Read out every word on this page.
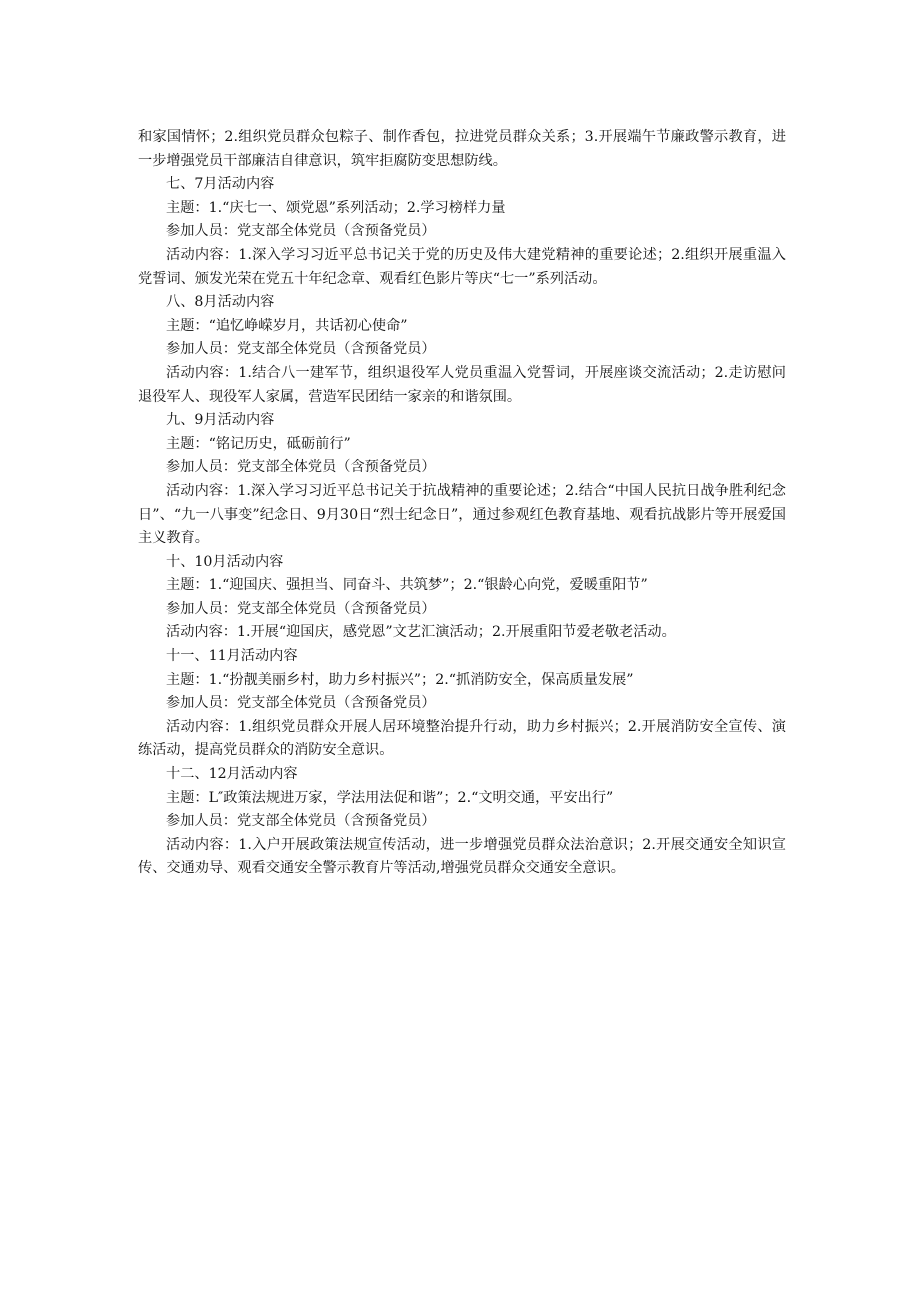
和家国情怀；2.组织党员群众包粽子、制作香包，拉进党员群众关系；3.开展端午节廉政警示教育，进一步增强党员干部廉洁自律意识，筑牢拒腐防变思想防线。

七、7月活动内容

主题：1.“庆七一、颂党恩”系列活动；2.学习榜样力量

参加人员：党支部全体党员（含预备党员）

活动内容：1.深入学习习近平总书记关于党的历史及伟大建党精神的重要论述；2.组织开展重温入党誓词、颁发光荣在党五十年纪念章、观看红色影片等庆“七一”系列活动。

八、8月活动内容

主题：“追忆峥嵘岁月，共话初心使命”

参加人员：党支部全体党员（含预备党员）

活动内容：1.结合八一建军节，组织退役军人党员重温入党誓词，开展座谈交流活动；2.走访慰问退役军人、现役军人家属，营造军民团结一家亲的和谐氛围。

九、9月活动内容

主题：“铭记历史，砥砺前行”

参加人员：党支部全体党员（含预备党员）

活动内容：1.深入学习习近平总书记关于抗战精神的重要论述；2.结合“中国人民抗日战争胜利纪念日”、“九一八事变”纪念日、9月30日“烈士纪念日”，通过参观红色教育基地、观看抗战影片等开展爱国主义教育。

十、10月活动内容

主题：1.“迎国庆、强担当、同奋斗、共筑梦”；2.“银龄心向党，爱暖重阳节”

参加人员：党支部全体党员（含预备党员）

活动内容：1.开展“迎国庆，感党恩”文艺汇演活动；2.开展重阳节爱老敬老活动。

十一、11月活动内容

主题：1.“扮靓美丽乡村，助力乡村振兴”；2.“抓消防安全，保高质量发展”

参加人员：党支部全体党员（含预备党员）

活动内容：1.组织党员群众开展人居环境整治提升行动，助力乡村振兴；2.开展消防安全宣传、演练活动，提高党员群众的消防安全意识。

十二、12月活动内容

主题：L″政策法规进万家，学法用法促和谐”；2.“文明交通，平安出行”

参加人员：党支部全体党员（含预备党员）

活动内容：1.入户开展政策法规宣传活动，进一步增强党员群众法治意识；2.开展交通安全知识宣传、交通劝导、观看交通安全警示教育片等活动,增强党员群众交通安全意识。
